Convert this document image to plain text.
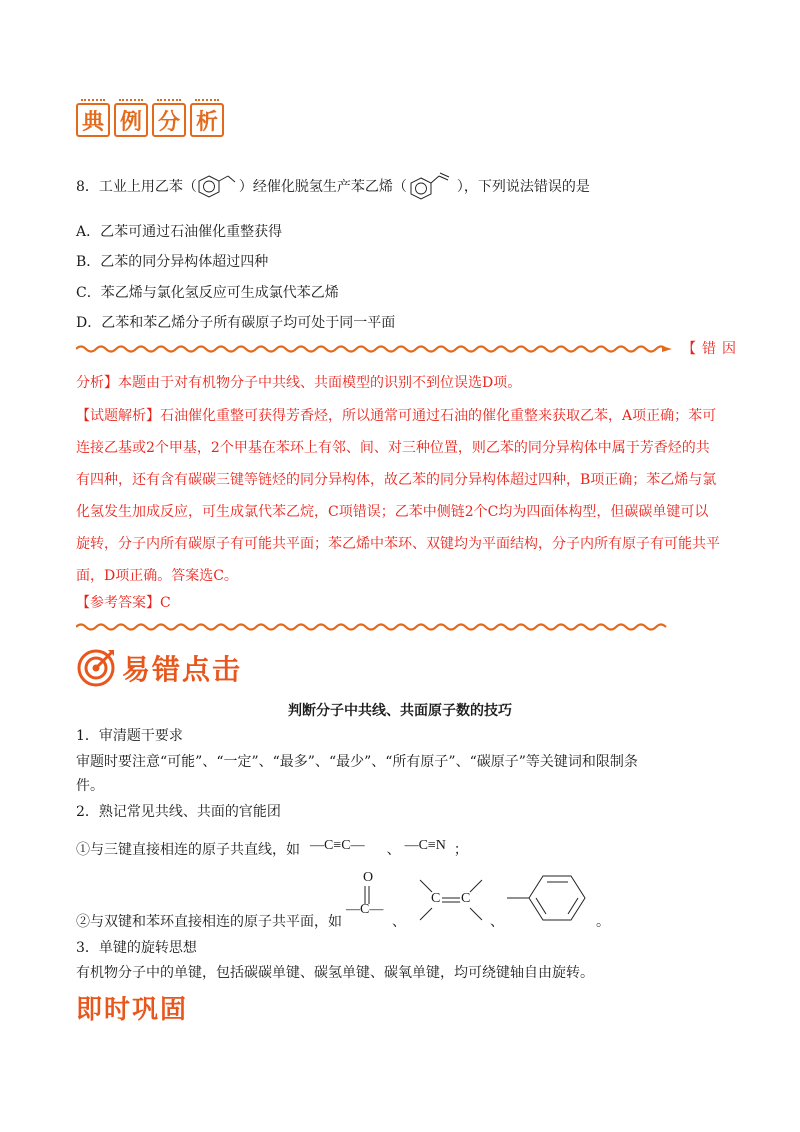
典 例 分 析
8．工业上用乙苯（	）经催化脱氢生产苯乙烯（	），下列说法错误的是
A．乙苯可通过石油催化重整获得
B．乙苯的同分异构体超过四种
C．苯乙烯与氯化氢反应可生成氯代苯乙烯
D．乙苯和苯乙烯分子所有碳原子均可处于同一平面
【错因
分析】本题由于对有机物分子中共线、共面模型的识别不到位误选D项。
【试题解析】石油催化重整可获得芳香烃，所以通常可通过石油的催化重整来获取乙苯，A项正确；苯可
连接乙基或2个甲基，2个甲基在苯环上有邻、间、对三种位置，则乙苯的同分异构体中属于芳香烃的共
有四种，还有含有碳碳三键等链烃的同分异构体，故乙苯的同分异构体超过四种，B项正确；苯乙烯与氯
化氢发生加成反应，可生成氯代苯乙烷，C项错误；乙苯中侧链2个C均为四面体构型，但碳碳单键可以
旋转，分子内所有碳原子有可能共平面；苯乙烯中苯环、双键均为平面结构，分子内所有原子有可能共平
面，D项正确。答案选C。
【参考答案】C
易错点击
判断分子中共线、共面原子数的技巧
1．审清题干要求
审题时要注意“可能”、“一定”、“最多”、“最少”、“所有原子”、“碳原子”等关键词和限制条
件。
2．熟记常见共线、共面的官能团
①与三键直接相连的原子共直线，如 —C≡C— 、 —C≡N ；
②与双键和苯环直接相连的原子共平面，如
O
—C—
、
C C
、	。
3．单键的旋转思想
有机物分子中的单键，包括碳碳单键、碳氢单键、碳氧单键，均可绕键轴自由旋转。
即时巩固
